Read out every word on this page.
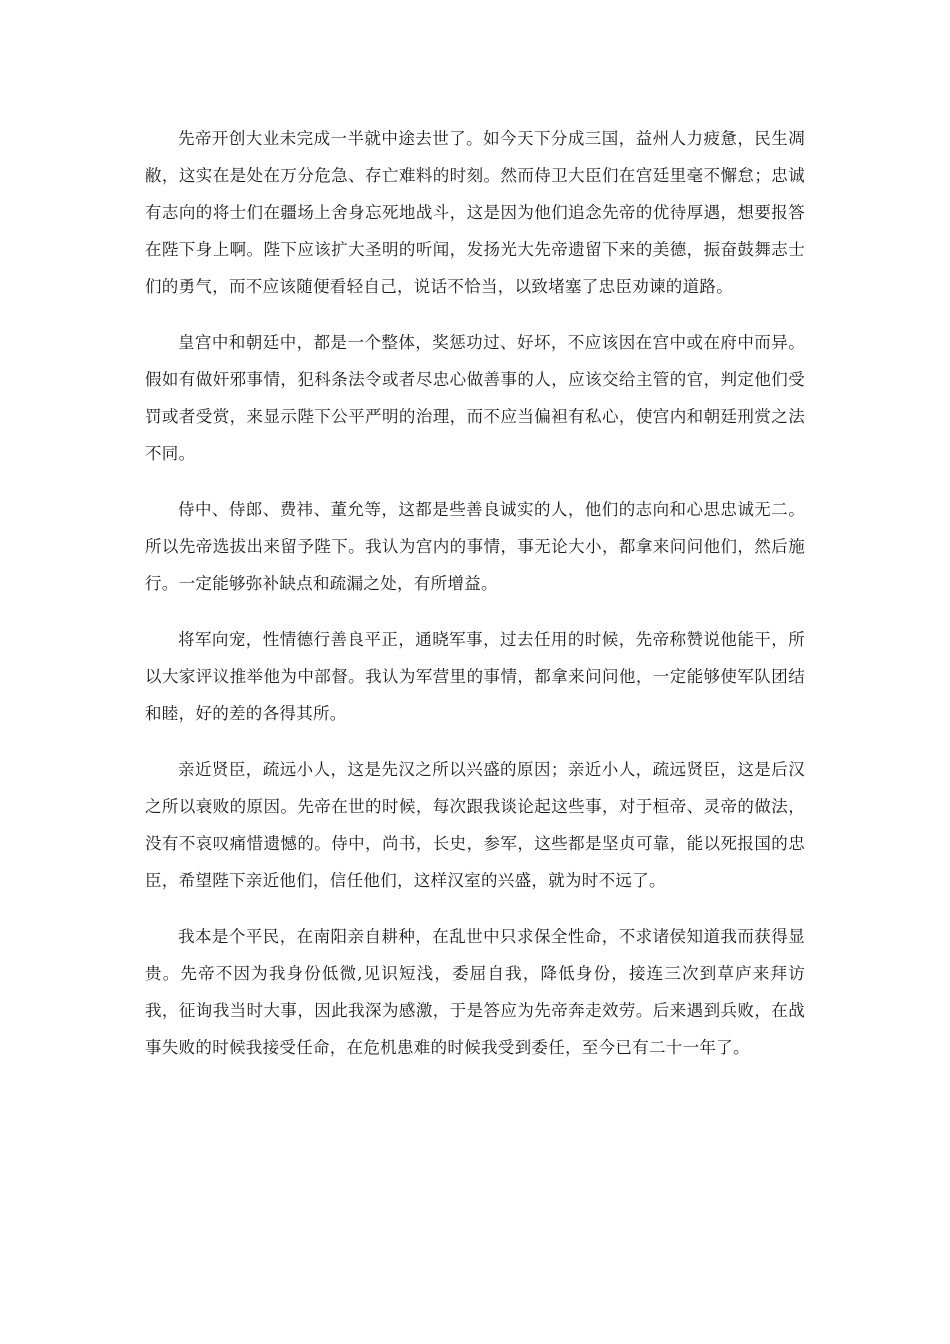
先帝开创大业未完成一半就中途去世了。如今天下分成三国，益州人力疲惫，民生凋敝，这实在是处在万分危急、存亡难料的时刻。然而侍卫大臣们在宫廷里毫不懈怠；忠诚有志向的将士们在疆场上舍身忘死地战斗，这是因为他们追念先帝的优待厚遇，想要报答在陛下身上啊。陛下应该扩大圣明的听闻，发扬光大先帝遗留下来的美德，振奋鼓舞志士们的勇气，而不应该随便看轻自己，说话不恰当，以致堵塞了忠臣劝谏的道路。

皇宫中和朝廷中，都是一个整体，奖惩功过、好坏，不应该因在宫中或在府中而异。假如有做奸邪事情，犯科条法令或者尽忠心做善事的人，应该交给主管的官，判定他们受罚或者受赏，来显示陛下公平严明的治理，而不应当偏袒有私心，使宫内和朝廷刑赏之法不同。

侍中、侍郎、费祎、董允等，这都是些善良诚实的人，他们的志向和心思忠诚无二。所以先帝选拔出来留予陛下。我认为宫内的事情，事无论大小，都拿来问问他们，然后施行。一定能够弥补缺点和疏漏之处，有所增益。

将军向宠，性情德行善良平正，通晓军事，过去任用的时候，先帝称赞说他能干，所以大家评议推举他为中部督。我认为军营里的事情，都拿来问问他，一定能够使军队团结和睦，好的差的各得其所。

亲近贤臣，疏远小人，这是先汉之所以兴盛的原因；亲近小人，疏远贤臣，这是后汉之所以衰败的原因。先帝在世的时候，每次跟我谈论起这些事，对于桓帝、灵帝的做法，没有不哀叹痛惜遗憾的。侍中，尚书，长史，参军，这些都是坚贞可靠，能以死报国的忠臣，希望陛下亲近他们，信任他们，这样汉室的兴盛，就为时不远了。

我本是个平民，在南阳亲自耕种，在乱世中只求保全性命，不求诸侯知道我而获得显贵。先帝不因为我身份低微,见识短浅，委屈自我，降低身份，接连三次到草庐来拜访我，征询我当时大事，因此我深为感激，于是答应为先帝奔走效劳。后来遇到兵败，在战事失败的时候我接受任命，在危机患难的时候我受到委任，至今已有二十一年了。
